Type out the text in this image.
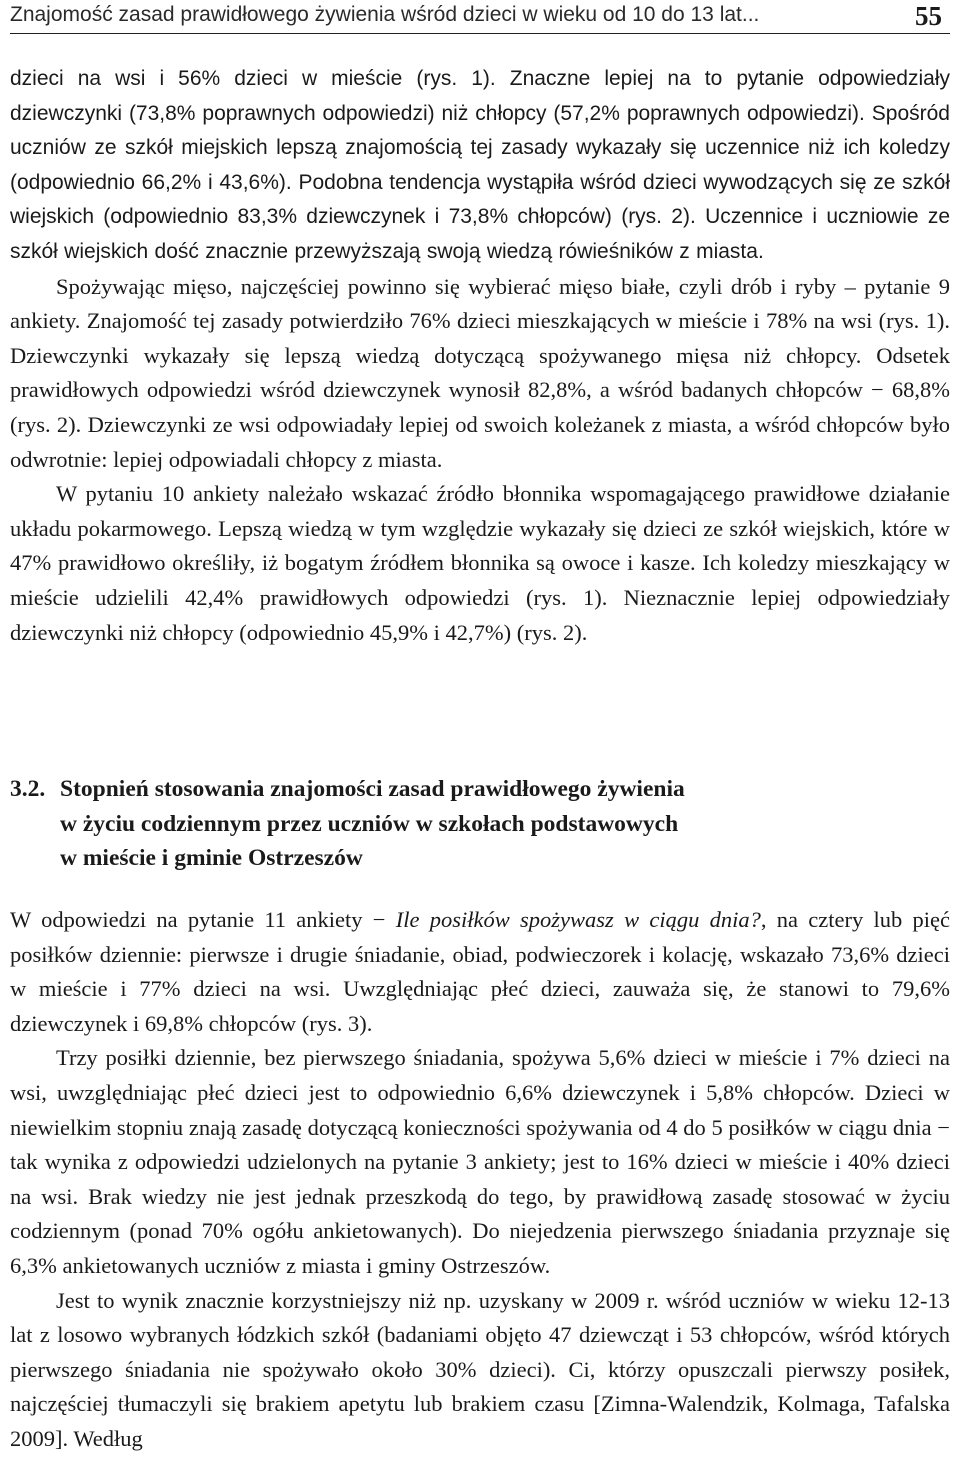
Znajomość zasad prawidłowego żywienia wśród dzieci w wieku od 10 do 13 lat...	55

dzieci na wsi i 56% dzieci w mieście (rys. 1). Znaczne lepiej na to pytanie odpowiedziały dziewczynki (73,8% poprawnych odpowiedzi) niż chłopcy (57,2% poprawnych odpowiedzi). Spośród uczniów ze szkół miejskich lepszą znajomością tej zasady wykazały się uczennice niż ich koledzy (odpowiednio 66,2% i 43,6%). Podobna tendencja wystąpiła wśród dzieci wywodzących się ze szkół wiejskich (odpowiednio 83,3% dziewczynek i 73,8% chłopców) (rys. 2). Uczennice i uczniowie ze szkół wiejskich dość znacznie przewyższają swoją wiedzą rówieśników z miasta.

Spożywając mięso, najczęściej powinno się wybierać mięso białe, czyli drób i ryby – pytanie 9 ankiety. Znajomość tej zasady potwierdziło 76% dzieci mieszkających w mieście i 78% na wsi (rys. 1). Dziewczynki wykazały się lepszą wiedzą dotyczącą spożywanego mięsa niż chłopcy. Odsetek prawidłowych odpowiedzi wśród dziewczynek wynosił 82,8%, a wśród badanych chłopców − 68,8% (rys. 2). Dziewczynki ze wsi odpowiadały lepiej od swoich koleżanek z miasta, a wśród chłopców było odwrotnie: lepiej odpowiadali chłopcy z miasta.

W pytaniu 10 ankiety należało wskazać źródło błonnika wspomagającego prawidłowe działanie układu pokarmowego. Lepszą wiedzą w tym względzie wykazały się dzieci ze szkół wiejskich, które w 47% prawidłowo określiły, iż bogatym źródłem błonnika są owoce i kasze. Ich koledzy mieszkający w mieście udzielili 42,4% prawidłowych odpowiedzi (rys. 1). Nieznacznie lepiej odpowiedziały dziewczynki niż chłopcy (odpowiednio 45,9% i 42,7%) (rys. 2).

3.2. Stopnień stosowania znajomości zasad prawidłowego żywienia
w życiu codziennym przez uczniów w szkołach podstawowych
w mieście i gminie Ostrzeszów

W odpowiedzi na pytanie 11 ankiety − Ile posiłków spożywasz w ciągu dnia?, na cztery lub pięć posiłków dziennie: pierwsze i drugie śniadanie, obiad, podwieczorek i kolację, wskazało 73,6% dzieci w mieście i 77% dzieci na wsi. Uwzględniając płeć dzieci, zauważa się, że stanowi to 79,6% dziewczynek i 69,8% chłopców (rys. 3).

Trzy posiłki dziennie, bez pierwszego śniadania, spożywa 5,6% dzieci w mieście i 7% dzieci na wsi, uwzględniając płeć dzieci jest to odpowiednio 6,6% dziewczynek i 5,8% chłopców. Dzieci w niewielkim stopniu znają zasadę dotyczącą konieczności spożywania od 4 do 5 posiłków w ciągu dnia − tak wynika z odpowiedzi udzielonych na pytanie 3 ankiety; jest to 16% dzieci w mieście i 40% dzieci na wsi. Brak wiedzy nie jest jednak przeszkodą do tego, by prawidłową zasadę stosować w życiu codziennym (ponad 70% ogółu ankietowanych). Do niejedzenia pierwszego śniadania przyznaje się 6,3% ankietowanych uczniów z miasta i gminy Ostrzeszów.

Jest to wynik znacznie korzystniejszy niż np. uzyskany w 2009 r. wśród uczniów w wieku 12-13 lat z losowo wybranych łódzkich szkół (badaniami objęto 47 dziewcząt i 53 chłopców, wśród których pierwszego śniadania nie spożywało około 30% dzieci). Ci, którzy opuszczali pierwszy posiłek, najczęściej tłumaczyli się brakiem apetytu lub brakiem czasu [Zimna-Walendzik, Kolmaga, Tafalska 2009]. Według
